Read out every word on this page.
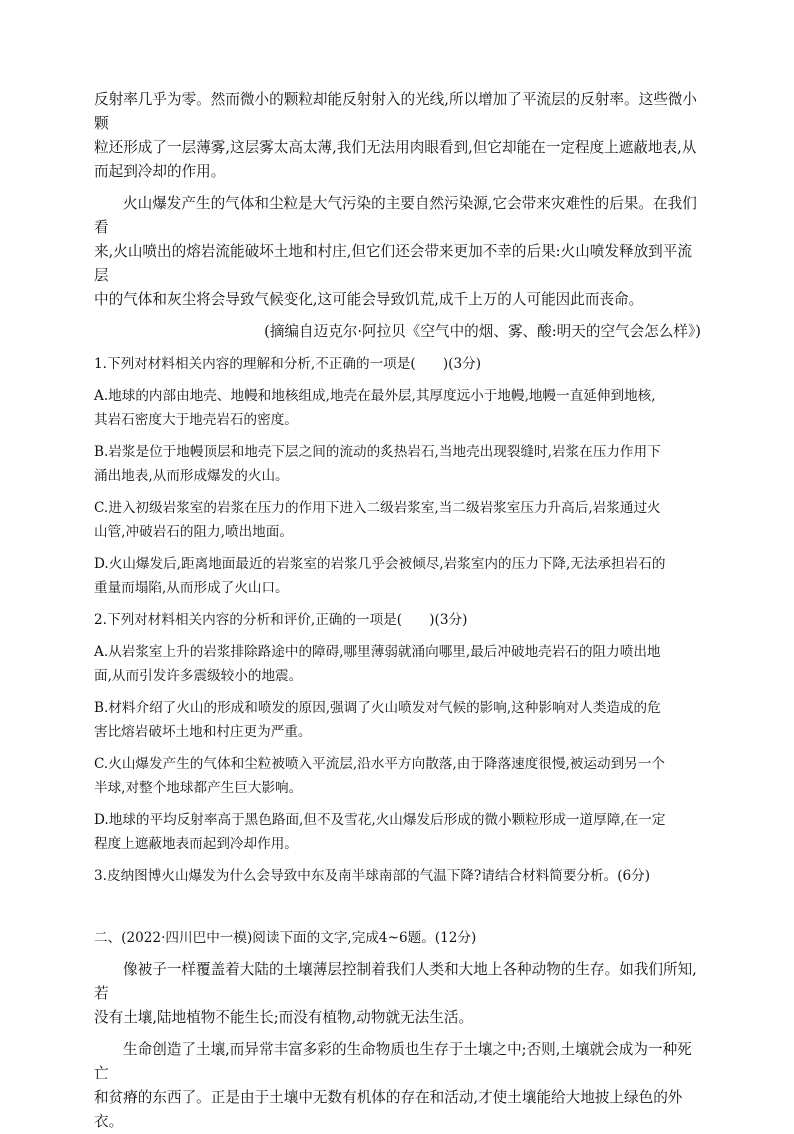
反射率几乎为零。然而微小的颗粒却能反射射入的光线,所以增加了平流层的反射率。这些微小颗

粒还形成了一层薄雾,这层雾太高太薄,我们无法用肉眼看到,但它却能在一定程度上遮蔽地表,从

而起到冷却的作用。

火山爆发产生的气体和尘粒是大气污染的主要自然污染源,它会带来灾难性的后果。在我们看

来,火山喷出的熔岩流能破坏土地和村庄,但它们还会带来更加不幸的后果:火山喷发释放到平流层

中的气体和灰尘将会导致气候变化,这可能会导致饥荒,成千上万的人可能因此而丧命。

(摘编自迈克尔·阿拉贝《空气中的烟、雾、酸:明天的空气会怎么样》)

1.下列对材料相关内容的理解和分析,不正确的一项是(　　)(3分)

A.地球的内部由地壳、地幔和地核组成,地壳在最外层,其厚度远小于地幔,地幔一直延伸到地核,

其岩石密度大于地壳岩石的密度。

B.岩浆是位于地幔顶层和地壳下层之间的流动的炙热岩石,当地壳出现裂缝时,岩浆在压力作用下

涌出地表,从而形成爆发的火山。

C.进入初级岩浆室的岩浆在压力的作用下进入二级岩浆室,当二级岩浆室压力升高后,岩浆通过火

山管,冲破岩石的阻力,喷出地面。

D.火山爆发后,距离地面最近的岩浆室的岩浆几乎会被倾尽,岩浆室内的压力下降,无法承担岩石的

重量而塌陷,从而形成了火山口。

2.下列对材料相关内容的分析和评价,正确的一项是(　　)(3分)

A.从岩浆室上升的岩浆排除路途中的障碍,哪里薄弱就涌向哪里,最后冲破地壳岩石的阻力喷出地

面,从而引发许多震级较小的地震。

B.材料介绍了火山的形成和喷发的原因,强调了火山喷发对气候的影响,这种影响对人类造成的危

害比熔岩破坏土地和村庄更为严重。

C.火山爆发产生的气体和尘粒被喷入平流层,沿水平方向散落,由于降落速度很慢,被运动到另一个

半球,对整个地球都产生巨大影响。

D.地球的平均反射率高于黑色路面,但不及雪花,火山爆发后形成的微小颗粒形成一道厚障,在一定

程度上遮蔽地表而起到冷却作用。

3.皮纳图博火山爆发为什么会导致中东及南半球南部的气温下降?请结合材料简要分析。(6分)

二、(2022·四川巴中一模)阅读下面的文字,完成4~6题。(12分)

像被子一样覆盖着大陆的土壤薄层控制着我们人类和大地上各种动物的生存。如我们所知,若

没有土壤,陆地植物不能生长;而没有植物,动物就无法生活。

生命创造了土壤,而异常丰富多彩的生命物质也生存于土壤之中;否则,土壤就会成为一种死亡

和贫瘠的东西了。正是由于土壤中无数有机体的存在和活动,才使土壤能给大地披上绿色的外衣。
